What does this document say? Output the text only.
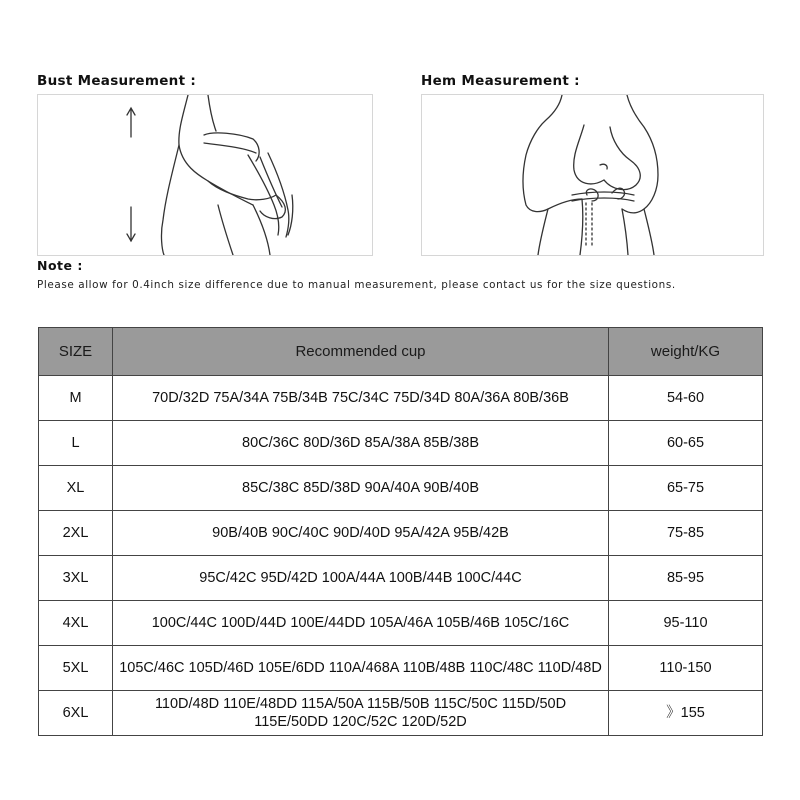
Bust Measurement :	Hem Measurement :
Note :
Please allow for 0.4inch size difference due to manual measurement, please contact us for the size questions.
SIZE	Recommended cup	weight/KG
M	70D/32D 75A/34A 75B/34B 75C/34C 75D/34D 80A/36A 80B/36B	54-60
L	80C/36C 80D/36D 85A/38A 85B/38B	60-65
XL	85C/38C 85D/38D 90A/40A 90B/40B	65-75
2XL	90B/40B 90C/40C 90D/40D 95A/42A 95B/42B	75-85
3XL	95C/42C 95D/42D 100A/44A 100B/44B 100C/44C	85-95
4XL	100C/44C 100D/44D 100E/44DD 105A/46A 105B/46B 105C/16C	95-110
5XL	105C/46C 105D/46D 105E/6DD 110A/468A 110B/48B 110C/48C 110D/48D	110-150
6XL	110D/48D 110E/48DD 115A/50A 115B/50B 115C/50C 115D/50D 115E/50DD 120C/52C 120D/52D	》155
